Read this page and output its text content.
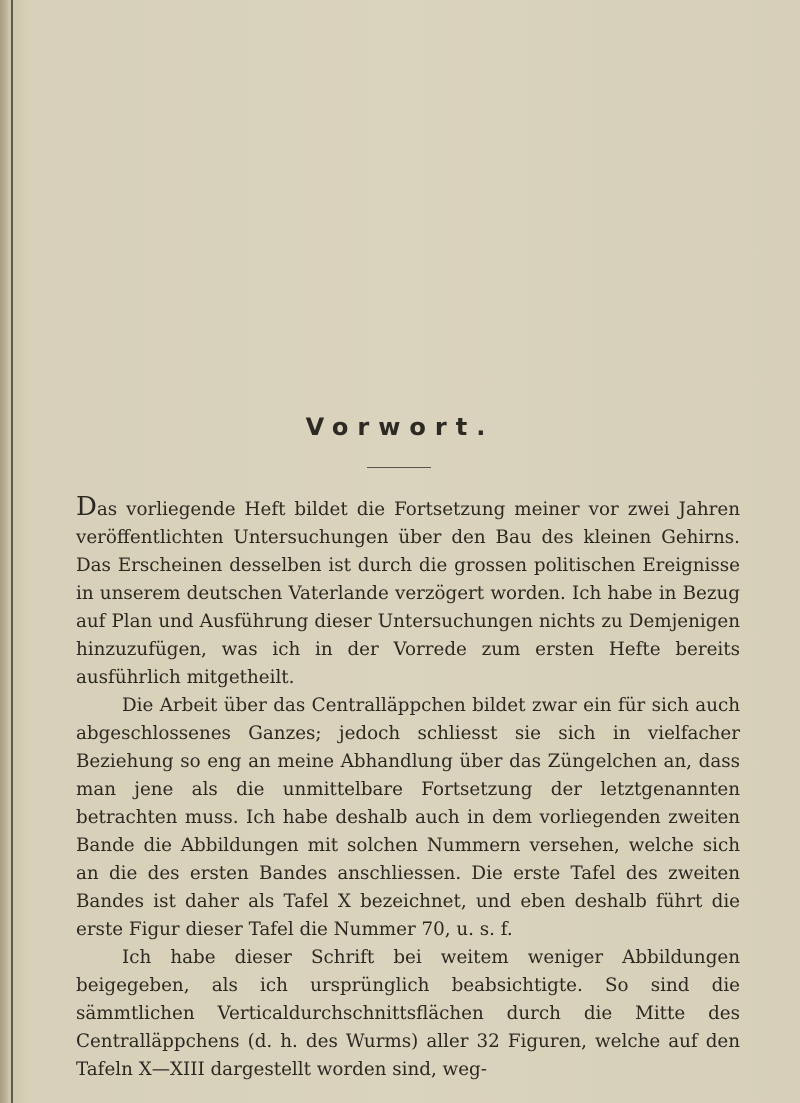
Vorwort.

Das vorliegende Heft bildet die Fortsetzung meiner vor zwei Jahren veröffentlichten Untersuchungen über den Bau des kleinen Gehirns. Das Erscheinen desselben ist durch die grossen politischen Ereignisse in unserem deutschen Vaterlande verzögert worden. Ich habe in Bezug auf Plan und Ausführung dieser Untersuchungen nichts zu Demjenigen hinzuzufügen, was ich in der Vorrede zum ersten Hefte bereits ausführlich mitgetheilt.

Die Arbeit über das Centralläppchen bildet zwar ein für sich auch abgeschlossenes Ganzes; jedoch schliesst sie sich in vielfacher Beziehung so eng an meine Abhandlung über das Züngelchen an, dass man jene als die unmittelbare Fortsetzung der letztgenannten betrachten muss. Ich habe deshalb auch in dem vorliegenden zweiten Bande die Abbildungen mit solchen Nummern versehen, welche sich an die des ersten Bandes anschliessen. Die erste Tafel des zweiten Bandes ist daher als Tafel X bezeichnet, und eben deshalb führt die erste Figur dieser Tafel die Nummer 70, u. s. f.

Ich habe dieser Schrift bei weitem weniger Abbildungen beigegeben, als ich ursprünglich beabsichtigte. So sind die sämmtlichen Verticaldurchschnittsflächen durch die Mitte des Centralläppchens (d. h. des Wurms) aller 32 Figuren, welche auf den Tafeln X—XIII dargestellt worden sind, weg-
